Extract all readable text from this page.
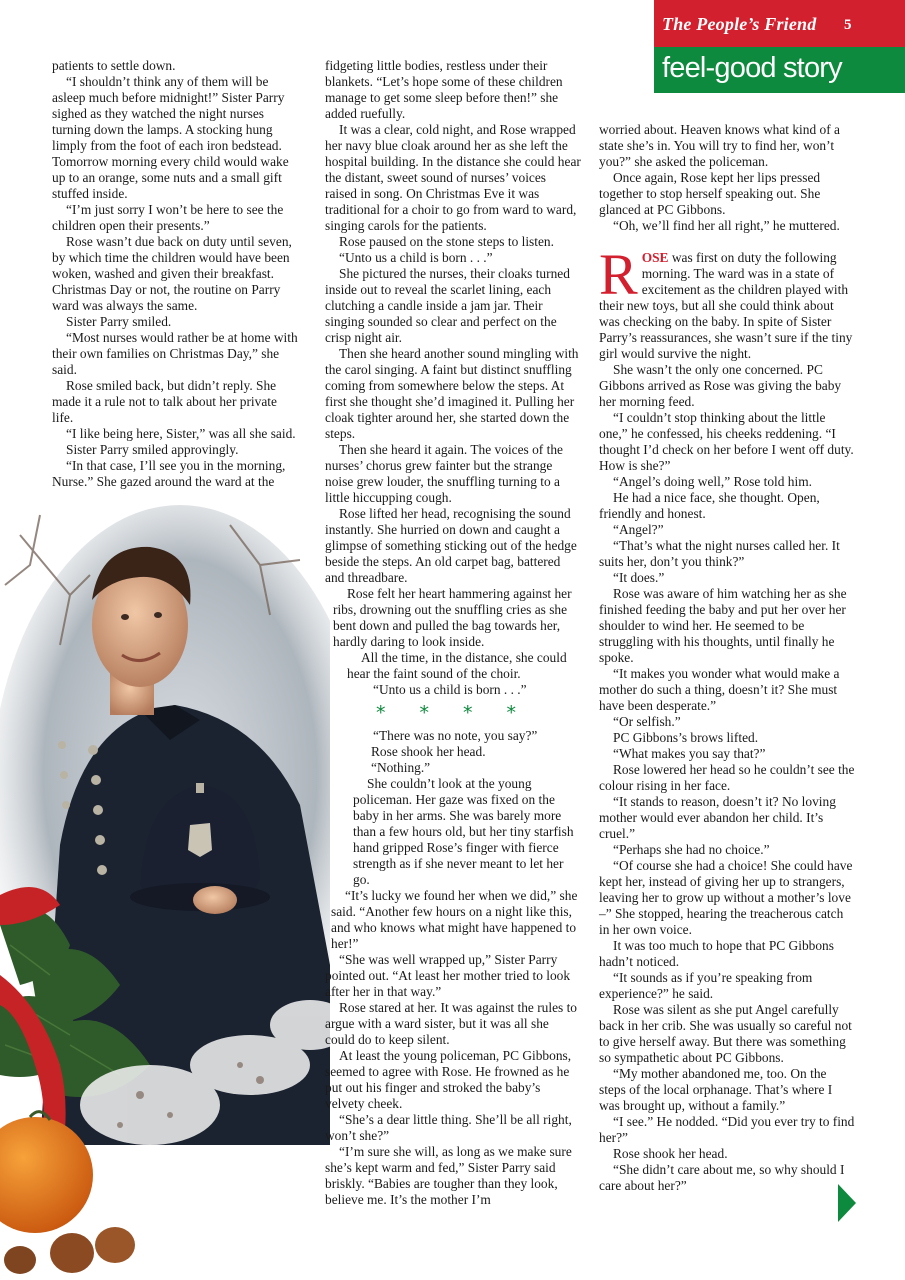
The People’s Friend 5
feel-good story

patients to settle down.

“I shouldn’t think any of them will be asleep much before midnight!” Sister Parry sighed as they watched the night nurses turning down the lamps. A stocking hung limply from the foot of each iron bedstead. Tomorrow morning every child would wake up to an orange, some nuts and a small gift stuffed inside.

“I’m just sorry I won’t be here to see the children open their presents.”

Rose wasn’t due back on duty until seven, by which time the children would have been woken, washed and given their breakfast. Christmas Day or not, the routine on Parry ward was always the same.

Sister Parry smiled.

“Most nurses would rather be at home with their own families on Christmas Day,” she said.

Rose smiled back, but didn’t reply. She made it a rule not to talk about her private life.

“I like being here, Sister,” was all she said.

Sister Parry smiled approvingly.

“In that case, I’ll see you in the morning, Nurse.” She gazed around the ward at the

fidgeting little bodies, restless under their blankets. “Let’s hope some of these children manage to get some sleep before then!” she added ruefully.

It was a clear, cold night, and Rose wrapped her navy blue cloak around her as she left the hospital building. In the distance she could hear the distant, sweet sound of nurses’ voices raised in song. On Christmas Eve it was traditional for a choir to go from ward to ward, singing carols for the patients.

Rose paused on the stone steps to listen.

“Unto us a child is born . . .”

She pictured the nurses, their cloaks turned inside out to reveal the scarlet lining, each clutching a candle inside a jam jar. Their singing sounded so clear and perfect on the crisp night air.

Then she heard another sound mingling with the carol singing. A faint but distinct snuffling coming from somewhere below the steps. At first she thought she’d imagined it. Pulling her cloak tighter around her, she started down the steps.

Then she heard it again. The voices of the nurses’ chorus grew fainter but the strange noise grew louder, the snuffling turning to a little hiccupping cough.

Rose lifted her head, recognising the sound instantly. She hurried on down and caught a glimpse of something sticking out of the hedge beside the steps. An old carpet bag, battered and threadbare.

Rose felt her heart hammering against her ribs, drowning out the snuffling cries as she bent down and pulled the bag towards her, hardly daring to look inside.

All the time, in the distance, she could hear the faint sound of the choir.

“Unto us a child is born . . .”

* * * *

“There was no note, you say?”

Rose shook her head.

“Nothing.”

She couldn’t look at the young policeman. Her gaze was fixed on the baby in her arms. She was barely more than a few hours old, but her tiny starfish hand gripped Rose’s finger with fierce strength as if she never meant to let her go.

“It’s lucky we found her when we did,” she said. “Another few hours on a night like this, and who knows what might have happened to her!”

“She was well wrapped up,” Sister Parry pointed out. “At least her mother tried to look after her in that way.”

Rose stared at her. It was against the rules to argue with a ward sister, but it was all she could do to keep silent.

At least the young policeman, PC Gibbons, seemed to agree with Rose. He frowned as he put out his finger and stroked the baby’s velvety cheek.

“She’s a dear little thing. She’ll be all right, won’t she?”

“I’m sure she will, as long as we make sure she’s kept warm and fed,” Sister Parry said briskly. “Babies are tougher than they look, believe me. It’s the mother I’m

worried about. Heaven knows what kind of a state she’s in. You will try to find her, won’t you?” she asked the policeman.

Once again, Rose kept her lips pressed together to stop herself speaking out. She glanced at PC Gibbons.

“Oh, we’ll find her all right,” he muttered.

ROSE was first on duty the following morning. The ward was in a state of excitement as the children played with their new toys, but all she could think about was checking on the baby. In spite of Sister Parry’s reassurances, she wasn’t sure if the tiny girl would survive the night.

She wasn’t the only one concerned. PC Gibbons arrived as Rose was giving the baby her morning feed.

“I couldn’t stop thinking about the little one,” he confessed, his cheeks reddening. “I thought I’d check on her before I went off duty. How is she?”

“Angel’s doing well,” Rose told him.

He had a nice face, she thought. Open, friendly and honest.

“Angel?”

“That’s what the night nurses called her. It suits her, don’t you think?”

“It does.”

Rose was aware of him watching her as she finished feeding the baby and put her over her shoulder to wind her. He seemed to be struggling with his thoughts, until finally he spoke.

“It makes you wonder what would make a mother do such a thing, doesn’t it? She must have been desperate.”

“Or selfish.”

PC Gibbons’s brows lifted.

“What makes you say that?”

Rose lowered her head so he couldn’t see the colour rising in her face.

“It stands to reason, doesn’t it? No loving mother would ever abandon her child. It’s cruel.”

“Perhaps she had no choice.”

“Of course she had a choice! She could have kept her, instead of giving her up to strangers, leaving her to grow up without a mother’s love –” She stopped, hearing the treacherous catch in her own voice.

It was too much to hope that PC Gibbons hadn’t noticed.

“It sounds as if you’re speaking from experience?” he said.

Rose was silent as she put Angel carefully back in her crib. She was usually so careful not to give herself away. But there was something so sympathetic about PC Gibbons.

“My mother abandoned me, too. On the steps of the local orphanage. That’s where I was brought up, without a family.”

“I see.” He nodded. “Did you ever try to find her?”

Rose shook her head.

“She didn’t care about me, so why should I care about her?”
